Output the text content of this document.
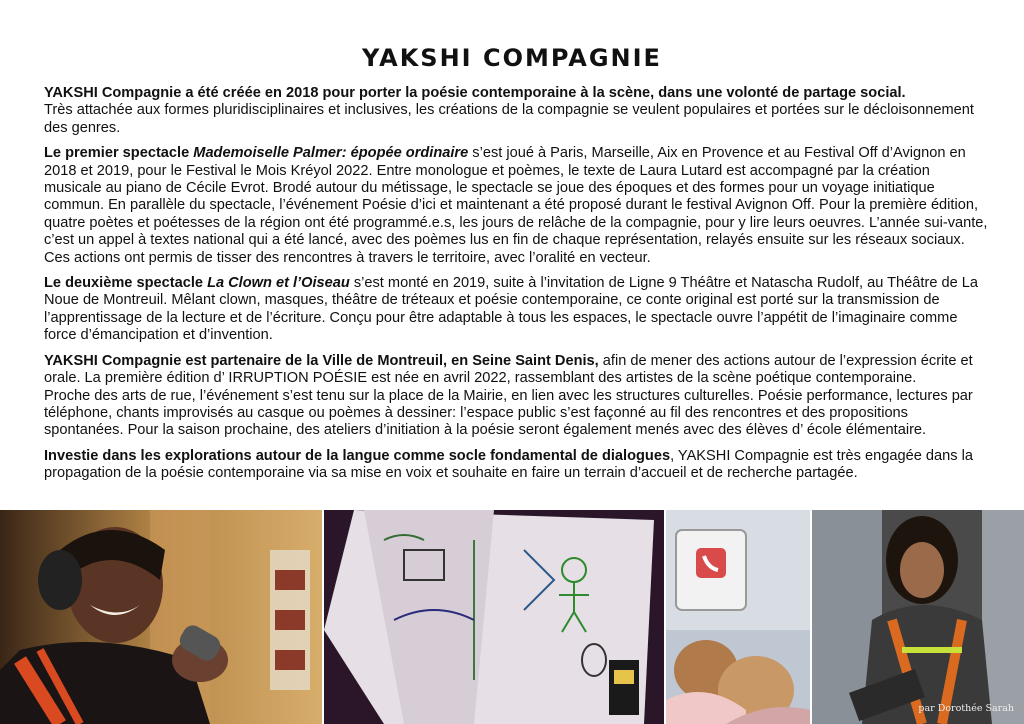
YAKSHI COMPAGNIE

YAKSHI Compagnie a été créée en 2018 pour porter la poésie contemporaine à la scène, dans une volonté de partage social.
Très attachée aux formes pluridisciplinaires et inclusives, les créations de la compagnie se veulent populaires et portées sur le décloisonnement des genres.

Le premier spectacle Mademoiselle Palmer: épopée ordinaire s’est joué à Paris, Marseille, Aix en Provence et au Festival Off d’Avignon en 2018 et 2019, pour le Festival le Mois Kréyol 2022. Entre monologue et poèmes, le texte de Laura Lutard est accompagné par la création musicale au piano de Cécile Evrot. Brodé autour du métissage, le spectacle se joue des époques et des formes pour un voyage initiatique commun. En parallèle du spectacle, l’événement Poésie d’ici et maintenant a été proposé durant le festival Avignon Off. Pour la première édition, quatre poètes et poétesses de la région ont été programmé.e.s, les jours de relâche de la compagnie, pour y lire leurs oeuvres. L’année sui-vante,
c’est un appel à textes national qui a été lancé, avec des poèmes lus en fin de chaque représentation, relayés ensuite sur les réseaux sociaux. Ces actions ont permis de tisser des rencontres à travers le territoire, avec l’oralité en vecteur.

Le deuxième spectacle La Clown et l’Oiseau s’est monté en 2019, suite à l’invitation de Ligne 9 Théâtre et Natascha Rudolf, au Théâtre de La Noue de Montreuil. Mêlant clown, masques, théâtre de tréteaux et poésie contemporaine, ce conte original est porté sur la transmission de l’apprentissage de la lecture et de l’écriture. Conçu pour être adaptable à tous les espaces, le spectacle ouvre l’appétit de l’imaginaire comme force d’émancipation et d’invention.

YAKSHI Compagnie est partenaire de la Ville de Montreuil, en Seine Saint Denis, afin de mener des actions autour de l’expression écrite et orale. La première édition d’ IRRUPTION POÉSIE est née en avril 2022, rassemblant des artistes de la scène poétique contemporaine.
Proche des arts de rue, l’événement s’est tenu sur la place de la Mairie, en lien avec les structures culturelles. Poésie performance, lectures par téléphone, chants improvisés au casque ou poèmes à dessiner: l’espace public s’est façonné au fil des rencontres et des propositions spontanées. Pour la saison prochaine, des ateliers d’initiation à la poésie seront également menés avec des élèves d’ école élémentaire.

Investie dans les explorations autour de la langue comme socle fondamental de dialogues, YAKSHI Compagnie est très engagée dans la propagation de la poésie contemporaine via sa mise en voix et souhaite en faire un terrain d’accueil et de recherche partagée.

par Dorothée Sarah
